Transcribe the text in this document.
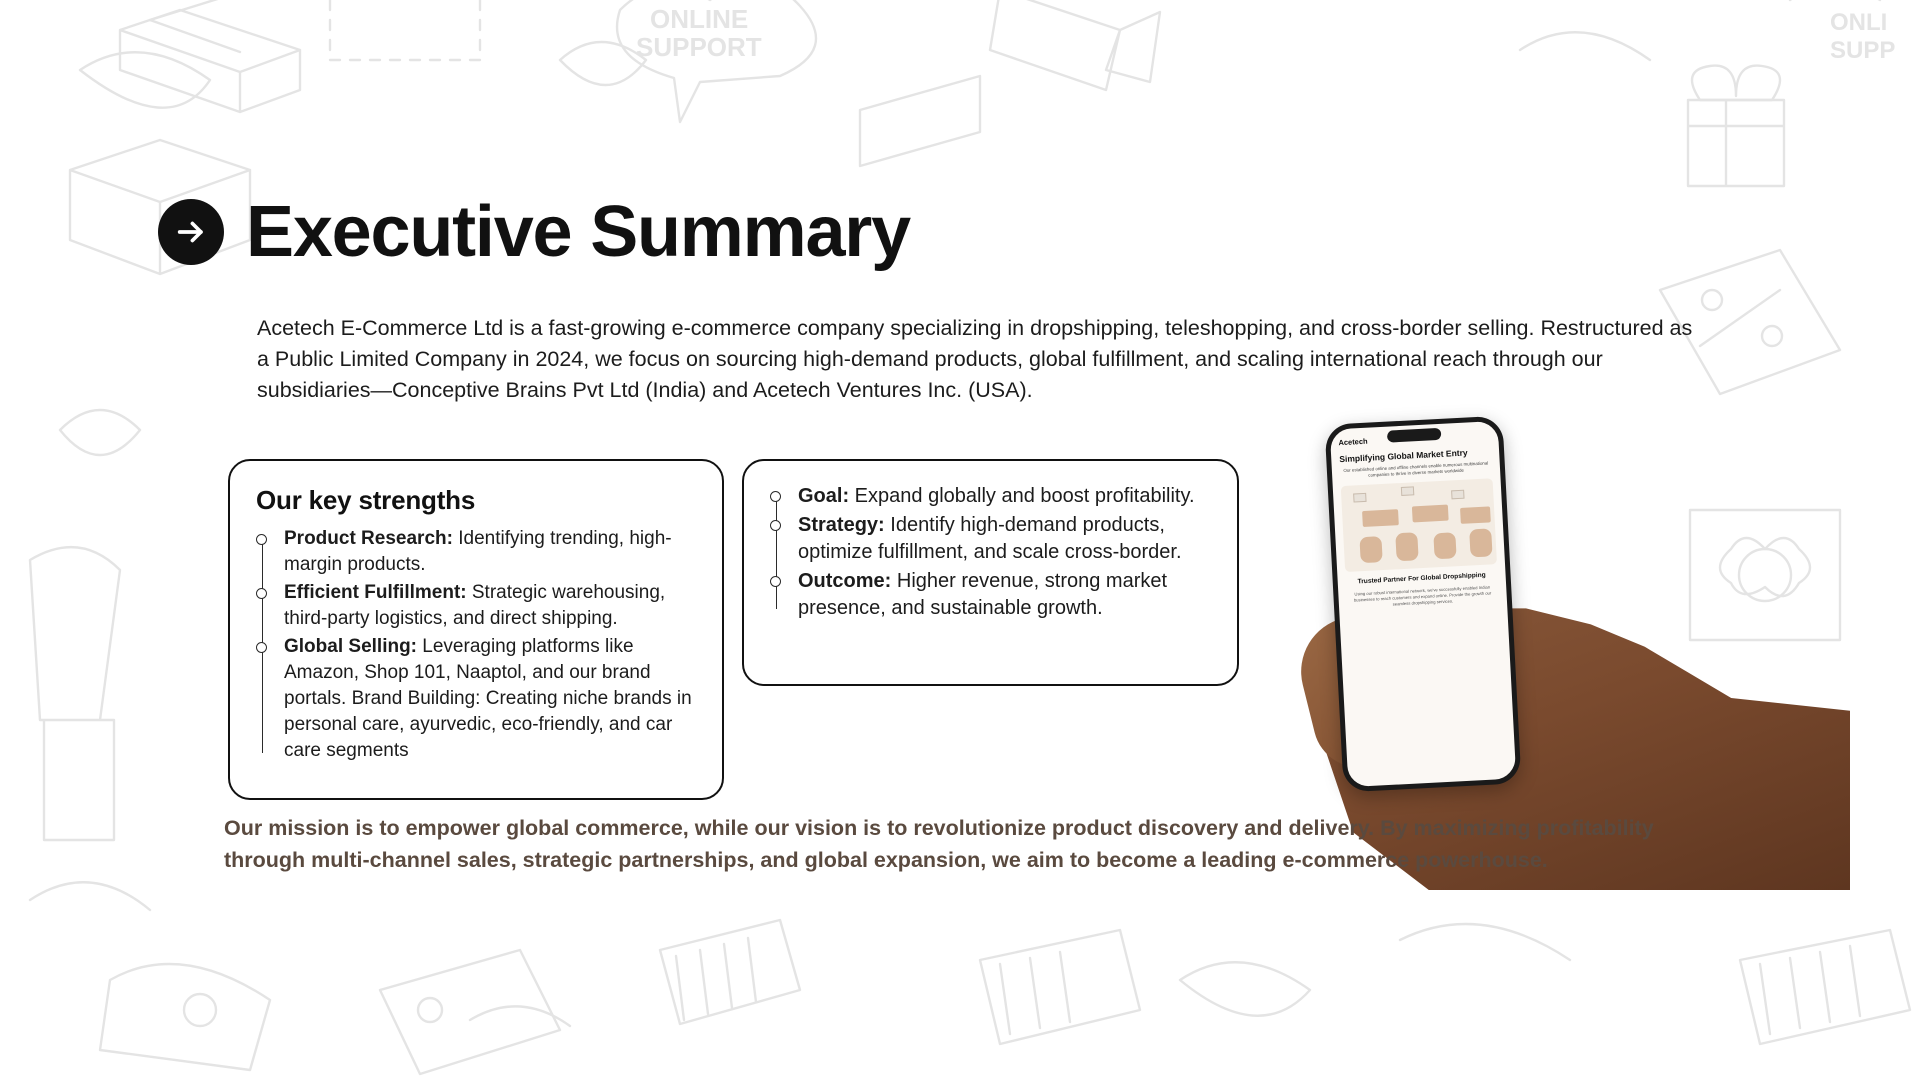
ONLINE
SUPPORT
ONLI
SUPP
Executive Summary
Acetech E-Commerce Ltd is a fast-growing e-commerce company specializing in dropshipping, teleshopping, and cross-border selling. Restructured as a Public Limited Company in 2024, we focus on sourcing high-demand products, global fulfillment, and scaling international reach through our subsidiaries—Conceptive Brains Pvt Ltd (India) and Acetech Ventures Inc. (USA).
Our key strengths
Product Research: Identifying trending, high-margin products.
Efficient Fulfillment: Strategic warehousing, third-party logistics, and direct shipping.
Global Selling: Leveraging platforms like Amazon, Shop 101, Naaptol, and our brand portals. Brand Building: Creating niche brands in personal care, ayurvedic, eco-friendly, and car care segments
Goal: Expand globally and boost profitability.
Strategy: Identify high-demand products, optimize fulfillment, and scale cross-border.
Outcome: Higher revenue, strong market presence, and sustainable growth.
Acetech
Simplifying Global Market Entry
Our established online and offline channels enable numerous multinational companies to thrive in diverse markets worldwide
Trusted Partner For Global Dropshipping
Using our robust international network, we've successfully enabled Indian businesses to reach customers and expand online. Provide the growth our seamless dropshipping services.
Our mission is to empower global commerce, while our vision is to revolutionize product discovery and delivery. By maximizing profitability through multi-channel sales, strategic partnerships, and global expansion, we aim to become a leading e-commerce powerhouse.
